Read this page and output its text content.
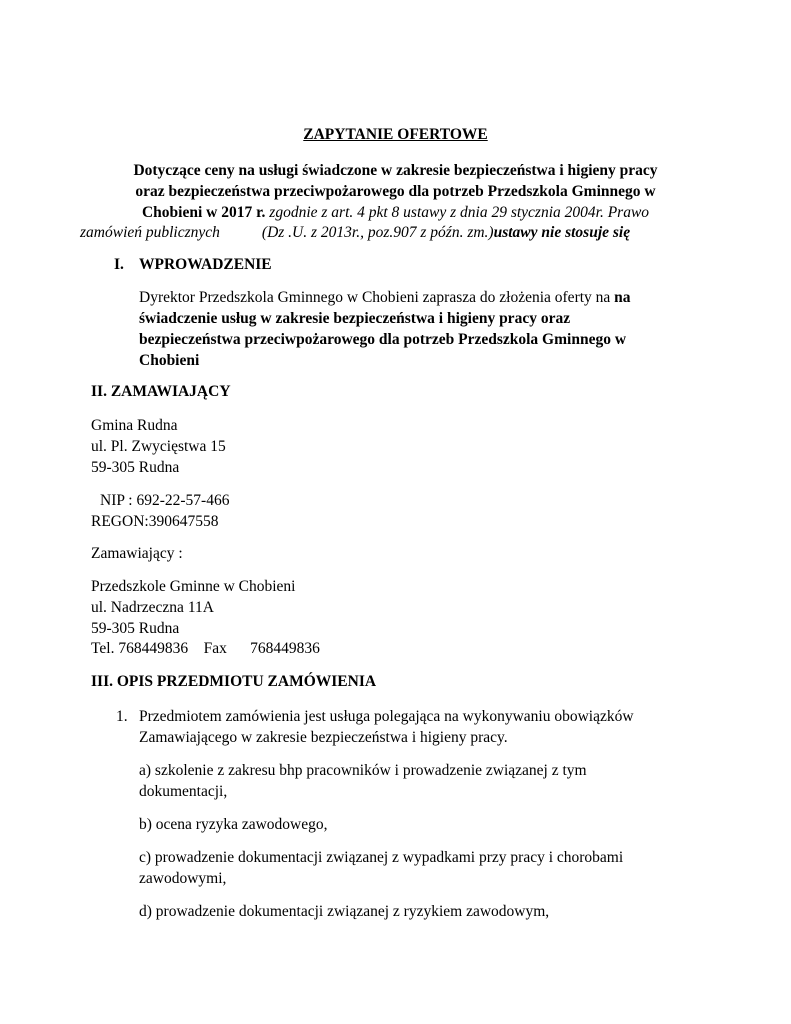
ZAPYTANIE OFERTOWE
Dotyczące ceny na usługi świadczone w zakresie bezpieczeństwa i higieny pracy
oraz bezpieczeństwa przeciwpożarowego dla potrzeb Przedszkola Gminnego w
Chobieni w 2017 r. zgodnie z art. 4 pkt 8 ustawy z dnia 29 stycznia 2004r. Prawo
zamówień publicznych	(Dz .U. z 2013r., poz.907 z późn. zm.)ustawy nie stosuje się
I. WPROWADZENIE
Dyrektor Przedszkola Gminnego w Chobieni zaprasza do złożenia oferty na na
świadczenie usług w zakresie bezpieczeństwa i higieny pracy oraz
bezpieczeństwa przeciwpożarowego dla potrzeb Przedszkola Gminnego w
Chobieni
II. ZAMAWIAJĄCY
Gmina Rudna
ul. Pl. Zwycięstwa 15
59-305 Rudna
NIP : 692-22-57-466
REGON:390647558
Zamawiający :
Przedszkole Gminne w Chobieni
ul. Nadrzeczna 11A
59-305 Rudna
Tel. 768449836    Fax      768449836
III. OPIS PRZEDMIOTU ZAMÓWIENIA
1. Przedmiotem zamówienia jest usługa polegająca na wykonywaniu obowiązków
Zamawiającego w zakresie bezpieczeństwa i higieny pracy.
a) szkolenie z zakresu bhp pracowników i prowadzenie związanej z tym
dokumentacji,
b) ocena ryzyka zawodowego,
c) prowadzenie dokumentacji związanej z wypadkami przy pracy i chorobami
zawodowymi,
d) prowadzenie dokumentacji związanej z ryzykiem zawodowym,
